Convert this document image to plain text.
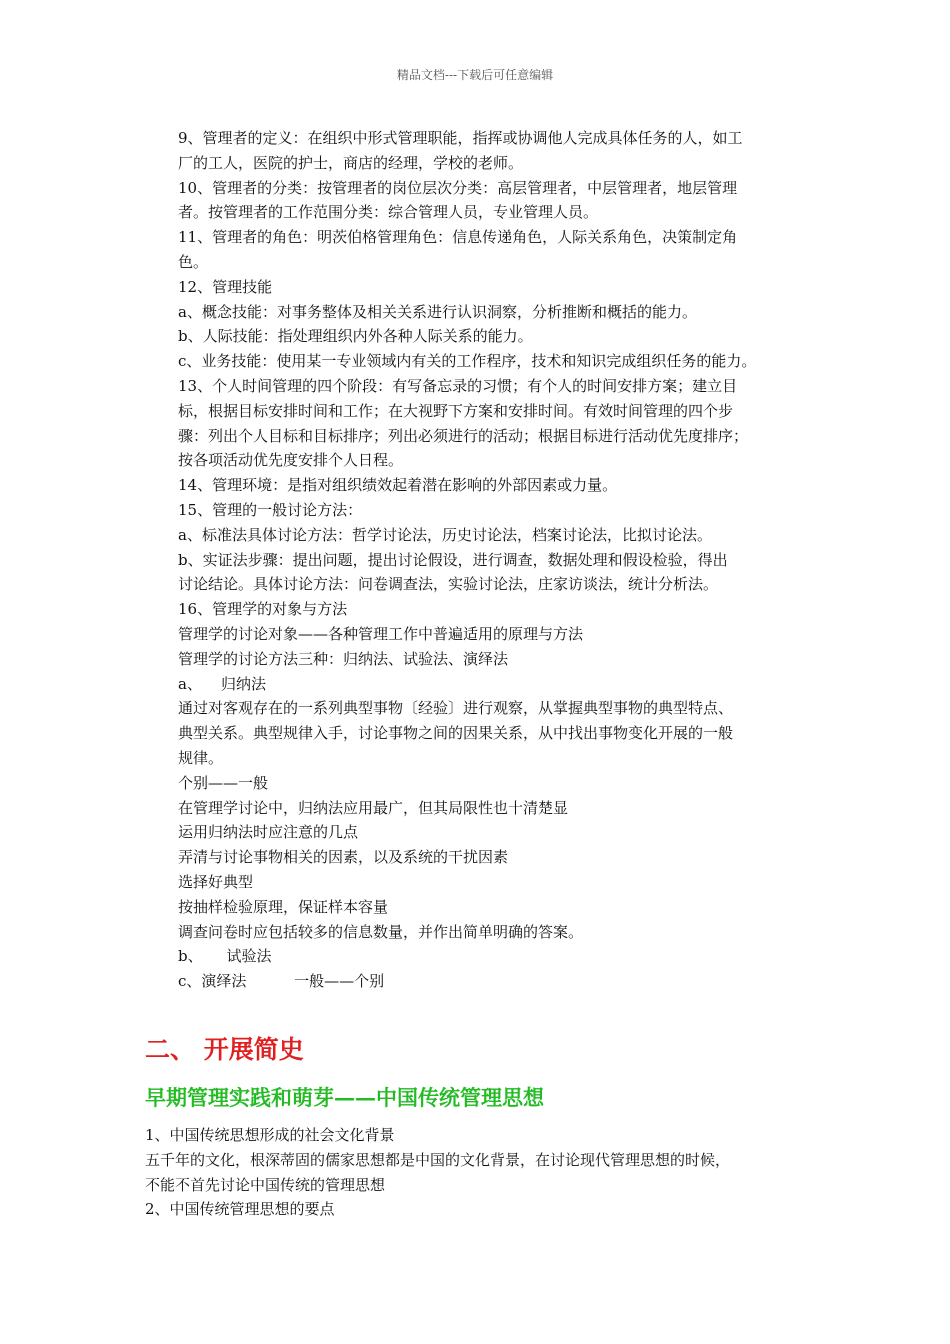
精品文档---下载后可任意编辑

9、管理者的定义：在组织中形式管理职能，指挥或协调他人完成具体任务的人，如工

厂的工人，医院的护士，商店的经理，学校的老师。

10、管理者的分类：按管理者的岗位层次分类：高层管理者，中层管理者，地层管理

者。按管理者的工作范围分类：综合管理人员，专业管理人员。

11、管理者的角色：明茨伯格管理角色：信息传递角色，人际关系角色，决策制定角

色。

12、管理技能

a、概念技能：对事务整体及相关关系进行认识洞察，分析推断和概括的能力。

b、人际技能：指处理组织内外各种人际关系的能力。

c、业务技能：使用某一专业领域内有关的工作程序，技术和知识完成组织任务的能力。

13、个人时间管理的四个阶段：有写备忘录的习惯；有个人的时间安排方案；建立目

标，根据目标安排时间和工作；在大视野下方案和安排时间。有效时间管理的四个步

骤：列出个人目标和目标排序；列出必须进行的活动；根据目标进行活动优先度排序；

按各项活动优先度安排个人日程。

14、管理环境：是指对组织绩效起着潜在影响的外部因素或力量。

15、管理的一般讨论方法：

a、标准法具体讨论方法：哲学讨论法，历史讨论法，档案讨论法，比拟讨论法。

b、实证法步骤：提出问题，提出讨论假设，进行调查，数据处理和假设检验，得出

讨论结论。具体讨论方法：问卷调查法，实验讨论法，庄家访谈法，统计分析法。

16、管理学的对象与方法

管理学的讨论对象——各种管理工作中普遍适用的原理与方法

管理学的讨论方法三种：归纳法、试验法、演绎法

a、    归纳法

通过对客观存在的一系列典型事物〔经验〕进行观察，从掌握典型事物的典型特点、

典型关系。典型规律入手，讨论事物之间的因果关系，从中找出事物变化开展的一般

规律。

个别——一般

在管理学讨论中，归纳法应用最广，但其局限性也十清楚显

运用归纳法时应注意的几点

弄清与讨论事物相关的因素，以及系统的干扰因素

选择好典型

按抽样检验原理，保证样本容量

调查问卷时应包括较多的信息数量，并作出简单明确的答案。

b、     试验法

c、演绎法          一般——个别

二、 开展简史
早期管理实践和萌芽——中国传统管理思想

1、中国传统思想形成的社会文化背景

五千年的文化，根深蒂固的儒家思想都是中国的文化背景，在讨论现代管理思想的时候，

不能不首先讨论中国传统的管理思想

2、中国传统管理思想的要点
